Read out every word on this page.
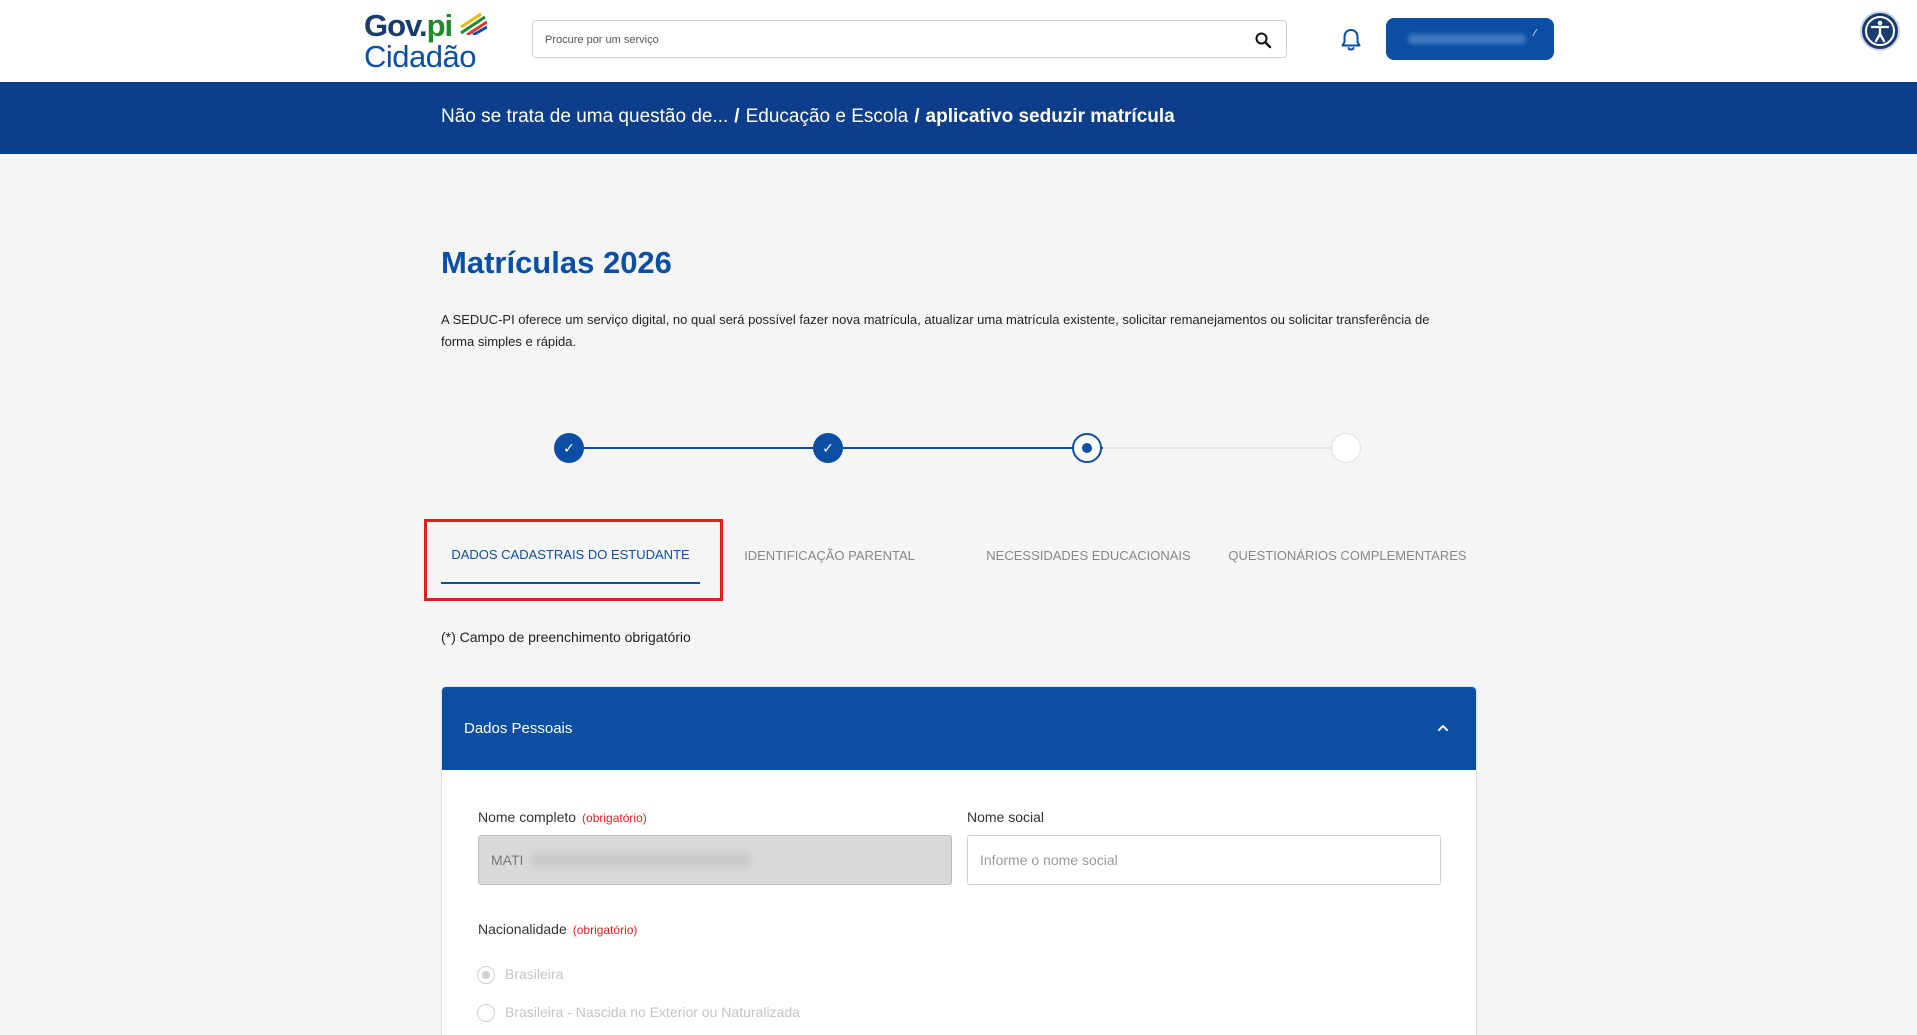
Gov.pi
Cidadão
Procure por um serviço
⁄
Não se trata de uma questão de... / Educação e Escola / aplicativo seduzir matrícula
Matrículas 2026

A SEDUC-PI oferece um serviço digital, no qual será possível fazer nova matrícula, atualizar uma matrícula existente, solicitar remanejamentos ou solicitar transferência de forma simples e rápida.

✓	✓
DADOS CADASTRAIS DO ESTUDANTE	IDENTIFICAÇÃO PARENTAL	NECESSIDADES EDUCACIONAIS	QUESTIONÁRIOS COMPLEMENTARES
(*) Campo de preenchimento obrigatório
Dados Pessoais
Nome completo (obrigatório)
MATI
Nome social
Informe o nome social
Nacionalidade (obrigatório)
Brasileira
Brasileira - Nascida no Exterior ou Naturalizada
